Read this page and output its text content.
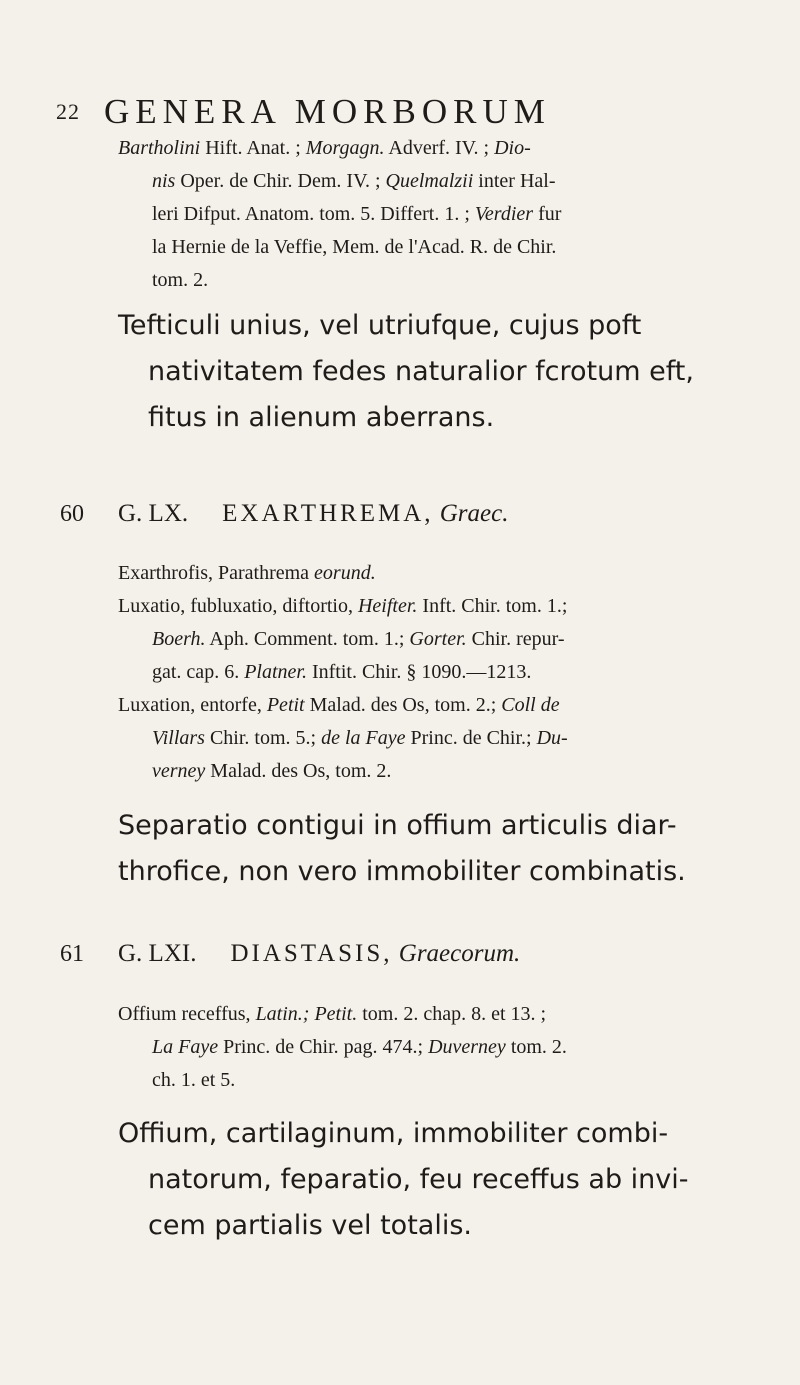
22 GENERA MORBORUM

Bartholini Hift. Anat. ; Morgagn. Adverf. IV. ; Dio-

nis Oper. de Chir. Dem. IV. ; Quelmalzii inter Hal-
leri Difput. Anatom. tom. 5. Differt. 1. ; Verdier fur
la Hernie de la Veffie, Mem. de l'Acad. R. de Chir.
tom. 2.

Tefticuli unius, vel utriufque, cujus poft
nativitatem fedes naturalior fcrotum eft,
fitus in alienum aberrans.

60 G. LX. EXARTHREMA, Graec.

Exarthrofis, Parathrema eorund.
Luxatio, fubluxatio, diftortio, Heifter. Inft. Chir. tom. 1.;
Boerh. Aph. Comment. tom. 1.; Gorter. Chir. repur-
gat. cap. 6. Platner. Inftit. Chir. § 1090.—1213.
Luxation, entorfe, Petit Malad. des Os, tom. 2.; Coll de
Villars Chir. tom. 5.; de la Faye Princ. de Chir.; Du-
verney Malad. des Os, tom. 2.

Separatio contigui in offium articulis diar-
throfice, non vero immobiliter combinatis.

61 G. LXI. DIASTASIS, Graecorum.

Offium receffus, Latin.; Petit. tom. 2. chap. 8. et 13. ;
La Faye Princ. de Chir. pag. 474.; Duverney tom. 2.
ch. 1. et 5.

Offium, cartilaginum, immobiliter combi-
natorum, feparatio, feu receffus ab invi-
cem partialis vel totalis.
